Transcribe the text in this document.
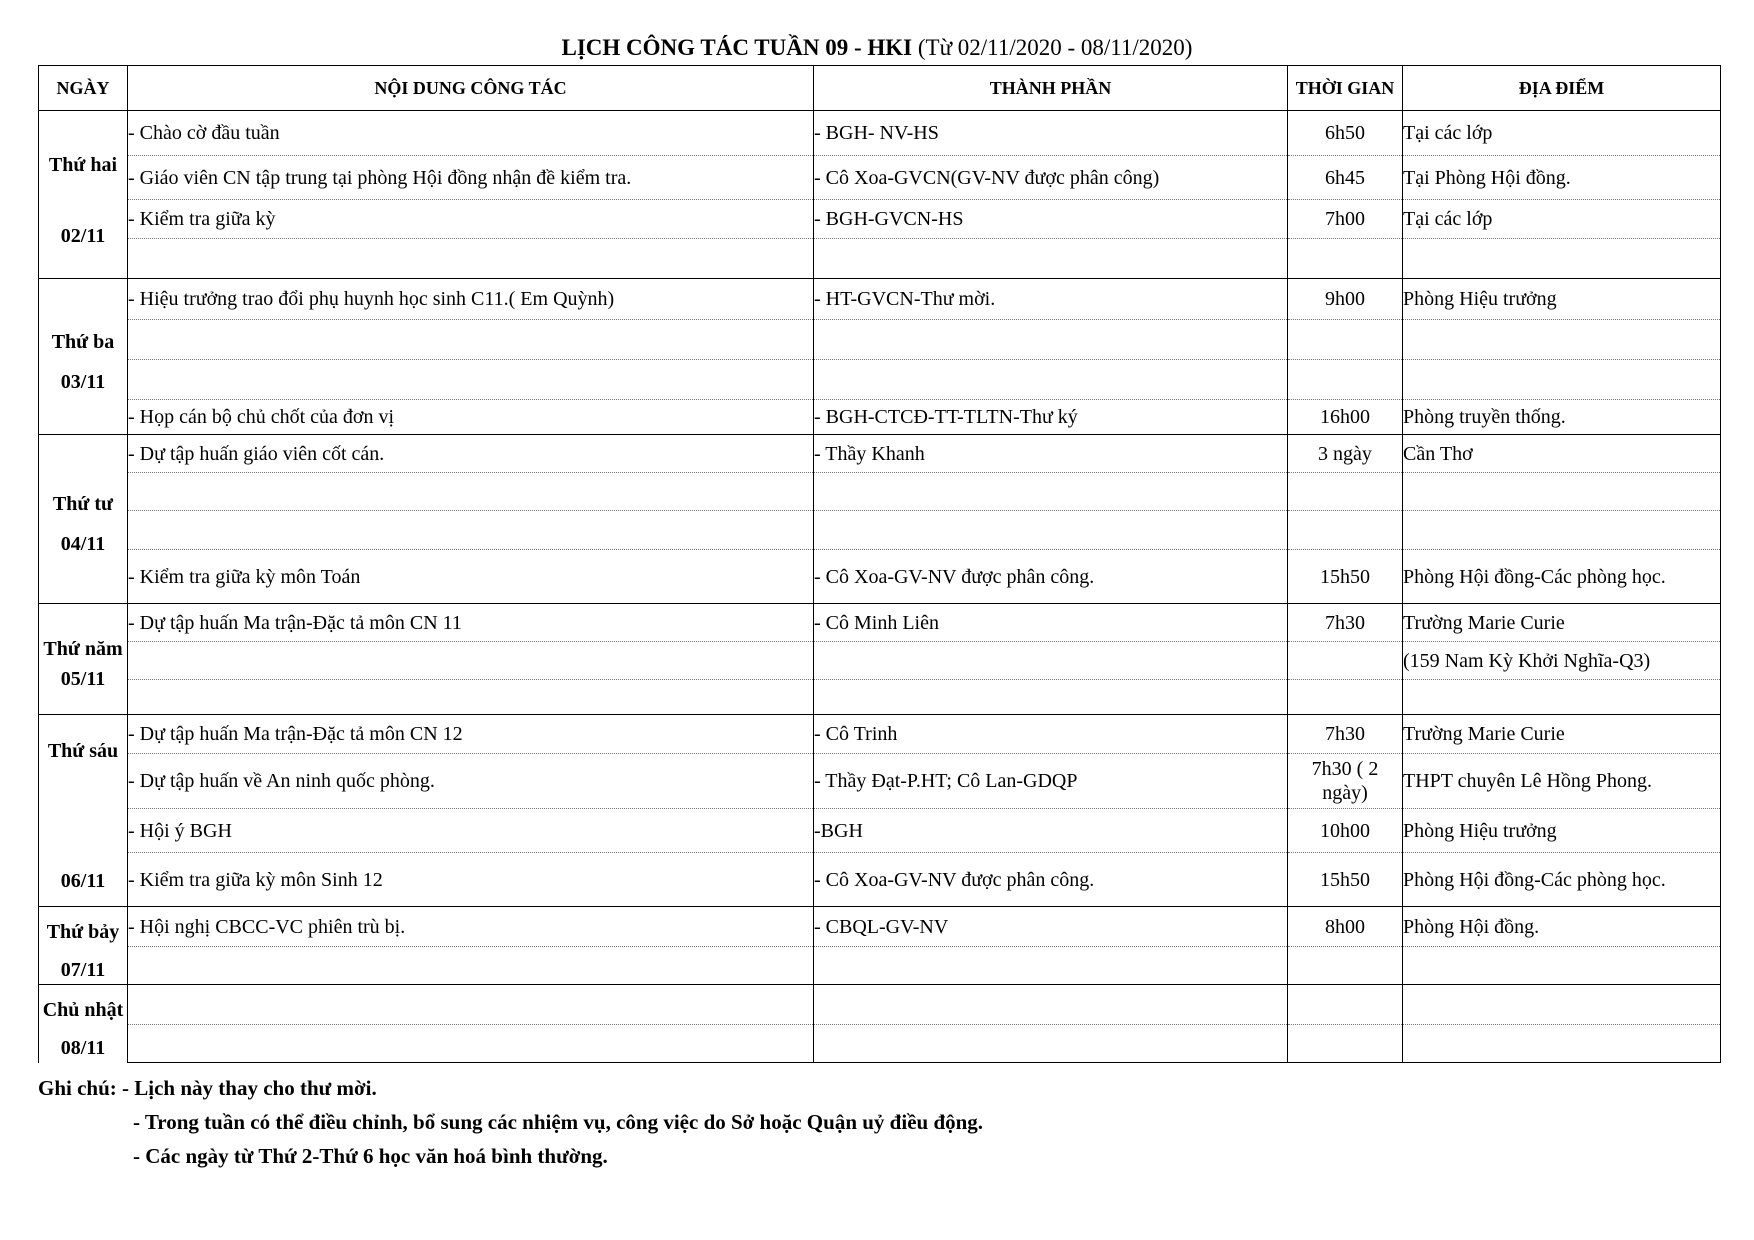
LỊCH CÔNG TÁC TUẦN 09 - HKI (Từ 02/11/2020 - 08/11/2020)
NGÀY	NỘI DUNG CÔNG TÁC	THÀNH PHẦN	THỜI GIAN	ĐỊA ĐIỂM

Thứ hai
02/11	- Chào cờ đầu tuần	- BGH- NV-HS	6h50	Tại các lớp
	- Giáo viên CN tập trung tại phòng Hội đồng nhận đề kiểm tra.	- Cô Xoa-GVCN(GV-NV được phân công)	6h45	Tại Phòng Hội đồng.
	- Kiểm tra giữa kỳ	- BGH-GVCN-HS	7h00	Tại các lớp

Thứ ba
03/11	- Hiệu trưởng trao đổi phụ huynh học sinh C11.( Em Quỳnh)	- HT-GVCN-Thư mời.	9h00	Phòng Hiệu trưởng

	- Họp cán bộ chủ chốt của đơn vị	- BGH-CTCĐ-TT-TLTN-Thư ký	16h00	Phòng truyền thống.

Thứ tư
04/11	- Dự tập huấn giáo viên cốt cán.	- Thầy Khanh	3 ngày	Cần Thơ

	- Kiểm tra giữa kỳ môn Toán	- Cô Xoa-GV-NV được phân công.	15h50	Phòng Hội đồng-Các phòng học.

Thứ năm
05/11	- Dự tập huấn Ma trận-Đặc tả môn CN 11	- Cô Minh Liên	7h30	Trường Marie Curie
				(159 Nam Kỳ Khởi Nghĩa-Q3)

Thứ sáu
06/11	- Dự tập huấn Ma trận-Đặc tả môn CN 12	- Cô Trinh	7h30	Trường Marie Curie
	- Dự tập huấn về An ninh quốc phòng.	- Thầy Đạt-P.HT; Cô Lan-GDQP	7h30 ( 2 ngày)	THPT chuyên Lê Hồng Phong.
	- Hội ý BGH	-BGH	10h00	Phòng Hiệu trưởng
	- Kiểm tra giữa kỳ môn Sinh 12	- Cô Xoa-GV-NV được phân công.	15h50	Phòng Hội đồng-Các phòng học.

Thứ bảy
07/11	- Hội nghị CBCC-VC phiên trù bị.	- CBQL-GV-NV	8h00	Phòng Hội đồng.

Chủ nhật
08/11				

Ghi chú: - Lịch này thay cho thư mời.
- Trong tuần có thể điều chỉnh, bổ sung các nhiệm vụ, công việc do Sở hoặc Quận uỷ điều động.
- Các ngày từ Thứ 2-Thứ 6 học văn hoá bình thường.
